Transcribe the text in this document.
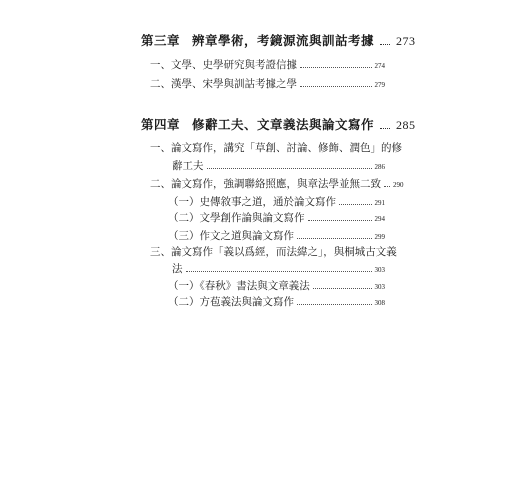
第三章 辨章學術，考鏡源流與訓詁考據 273
一、文學、史學研究與考證信據	274
二、漢學、宋學與訓詁考據之學	279
第四章 修辭工夫、文章義法與論文寫作 285
一、論文寫作，講究「草創、討論、修飾、潤色」的修
辭工夫	286
二、論文寫作，強調聯絡照應，與章法學並無二致 290
（一）史傳敘事之道，通於論文寫作	291
（二）文學創作論與論文寫作	294
（三）作文之道與論文寫作	299
三、論文寫作「義以爲經，而法緯之」，與桐城古文義
法	303
（一）《春秋》書法與文章義法	303
（二）方苞義法與論文寫作	308
